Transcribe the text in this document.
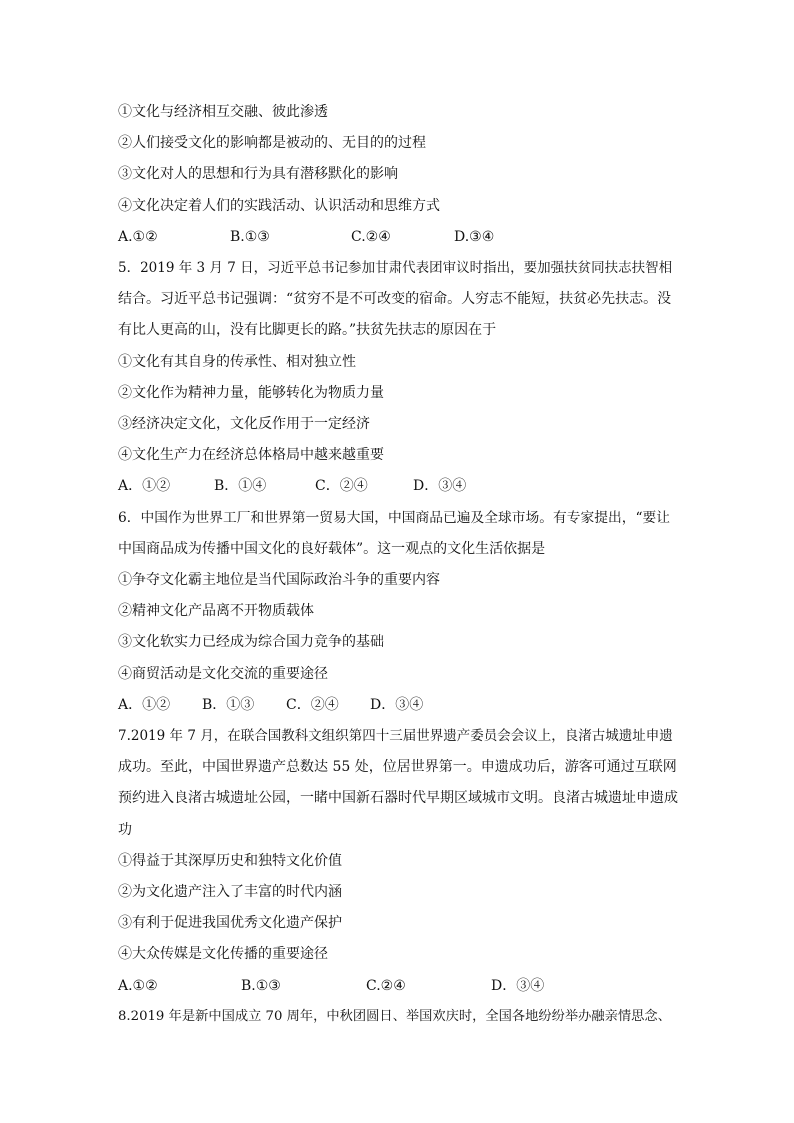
①文化与经济相互交融、彼此渗透
②人们接受文化的影响都是被动的、无目的的过程
③文化对人的思想和行为具有潜移默化的影响
④文化决定着人们的实践活动、认识活动和思维方式
A.①②	B.①③	C.②④	D.③④
5．2019 年 3 月 7 日，习近平总书记参加甘肃代表团审议时指出，要加强扶贫同扶志扶智相
结合。习近平总书记强调：“贫穷不是不可改变的宿命。人穷志不能短，扶贫必先扶志。没
有比人更高的山，没有比脚更长的路。”扶贫先扶志的原因在于
①文化有其自身的传承性、相对独立性
②文化作为精神力量，能够转化为物质力量
③经济决定文化，文化反作用于一定经济
④文化生产力在经济总体格局中越来越重要
A．①②	B．①④	C．②④	D．③④
6．中国作为世界工厂和世界第一贸易大国，中国商品已遍及全球市场。有专家提出，“要让
中国商品成为传播中国文化的良好载体”。这一观点的文化生活依据是
①争夺文化霸主地位是当代国际政治斗争的重要内容
②精神文化产品离不开物质载体
③文化软实力已经成为综合国力竞争的基础
④商贸活动是文化交流的重要途径
A．①② B．①③ C．②④ D．③④
7.2019 年 7 月，在联合国教科文组织第四十三届世界遗产委员会会议上，良渚古城遗址申遗
成功。至此，中国世界遗产总数达 55 处，位居世界第一。申遗成功后，游客可通过互联网
预约进入良渚古城遗址公园，一睹中国新石器时代早期区域城市文明。良渚古城遗址申遗成
功
①得益于其深厚历史和独特文化价值
②为文化遗产注入了丰富的时代内涵
③有利于促进我国优秀文化遗产保护
④大众传媒是文化传播的重要途径
A.①②	B.①③	C.②④	D．③④
8.2019 年是新中国成立 70 周年，中秋团圆日、举国欢庆时，全国各地纷纷举办融亲情思念、
